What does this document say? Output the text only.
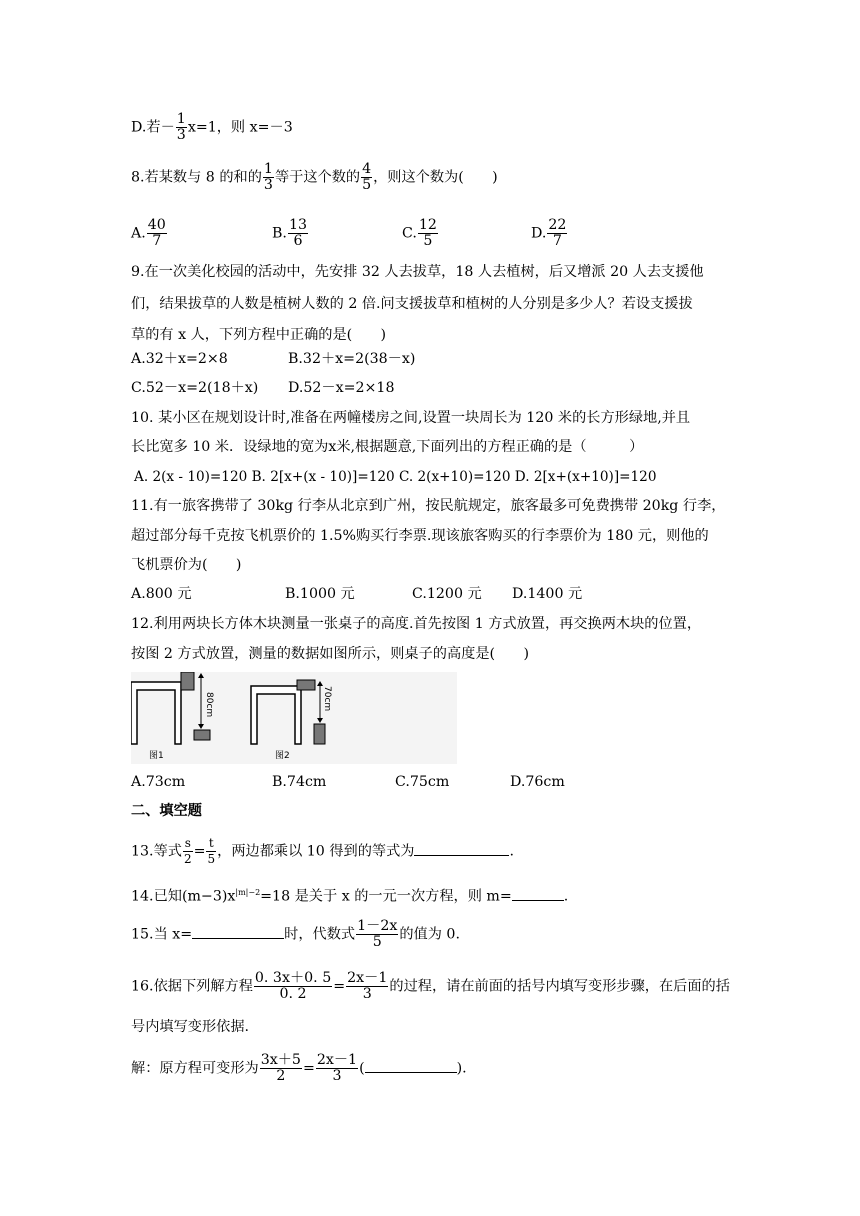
D.若－ $\frac{1}{3} x=1$，则 x=－3
8.若某数与 8 的和的 $\frac{1}{3}$ 等于这个数的 $\frac{4}{5}$ ，则这个数为(　　)
A. $\frac{40}{7}$	B. $\frac{13}{6}$	C. $\frac{12}{5}$	D. $\frac{22}{7}$
9.在一次美化校园的活动中，先安排 32 人去拔草，18 人去植树，后又增派 20 人去支援他
们，结果拔草的人数是植树人数的 2 倍.问支援拔草和植树的人分别是多少人？若设支援拔
草的有 x 人，下列方程中正确的是(　　)
A.32＋x=2×8	B.32＋x=2(38－x)
C.52－x=2(18＋x) D.52－x=2×18
10. 某小区在规划设计时,准备在两幢楼房之间,设置一块周长为 120 米的长方形绿地,并且
长比宽多 10 米．设绿地的宽为x米,根据题意,下面列出的方程正确的是（　　　）
A. 2(x - 10)=120 B. 2[x+(x - 10)]=120 C. 2(x+10)=120 D. 2[x+(x+10)]=120
11.有一旅客携带了 30kg 行李从北京到广州，按民航规定，旅客最多可免费携带 20kg 行李，
超过部分每千克按飞机票价的 1.5%购买行李票.现该旅客购买的行李票价为 180 元，则他的
飞机票价为(　　)
A.800 元	B.1000 元	C.1200 元 D.1400 元
12.利用两块长方体木块测量一张桌子的高度.首先按图 1 方式放置，再交换两木块的位置，
按图 2 方式放置，测量的数据如图所示，则桌子的高度是(　　)
80cm
图1
70cm
图2
A.73cm	B.74cm	C.75cm	D.76cm
二、填空题
13.等式 $\frac{s}{2} = \frac{t}{5}$ ，两边都乘以 10 得到的等式为	.
14.已知$(m-3)x^{|m|-2}=18$ 是关于 x 的一元一次方程，则 m=	.
15.当 x=	时，代数式 $\frac{1-2x}{5}$ 的值为 0.
16.依据下列解方程 $\frac{0. 3x+0. 5}{0. 2} = \frac{2x-1}{3}$ 的过程，请在前面的括号内填写变形步骤，在后面的括
号内填写变形依据.
解：原方程可变形为 $\frac{3x+5}{2} = \frac{2x-1}{3}$ (	).
